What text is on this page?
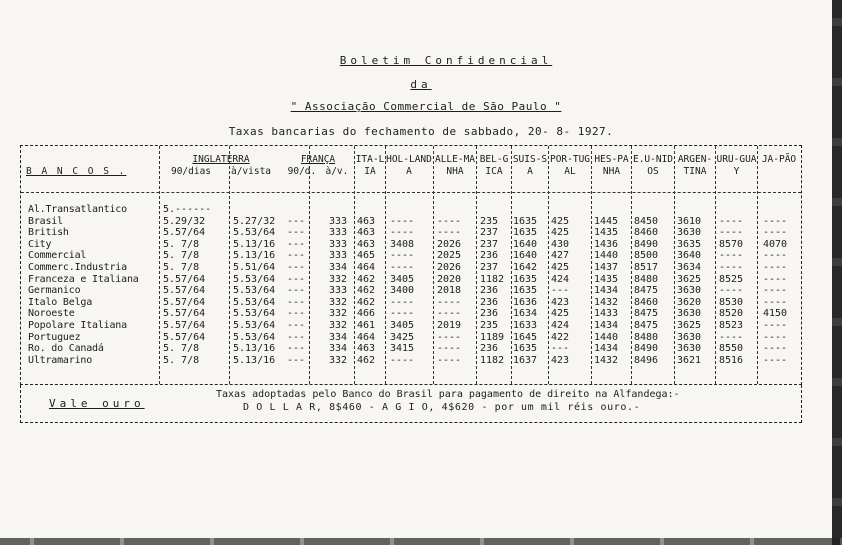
Boletim Confidencial
da
" Associação Commercial de São Paulo "
Taxas bancarias do fechamento de sabbado, 20- 8- 1927.
B A N C O S .
INGLATERRA
90/dias à/vista
FRANÇA
90/d. à/v.
ITA-LIA
HOL-LANDA
ALLE-MANHA
BEL-GICA
SUIS-SA
POR-TUGAL
HES-PANHA
E.U-NIDOS
ARGEN-TINA
URU-GUAY
JA-PÃO
Al.Transatlantico	5.------
Brasil	5.29/32	5.27/32 --- 333 463 ---- ---- 235 1635 425 1445 8450 3610 ---- ----
British	5.57/64	5.53/64 --- 333 463 ---- ---- 237 1635 425 1435 8460 3630 ---- ----
City	5. 7/8	5.13/16 --- 333 463 3408 2026 237 1640 430 1436 8490 3635 8570 4070
Commercial	5. 7/8	5.13/16 --- 333 465 ---- 2025 236 1640 427 1440 8500 3640 ---- ----
Commerc.Industria	5. 7/8	5.51/64 --- 334 464 ---- 2026 237 1642 425 1437 8517 3634 ---- ----
Franceza e Italiana 5.57/64	5.53/64 --- 332 462 3405 2020 1182 1635 424 1435 8480 3625 8525 ----
Germanico	5.57/64	5.53/64 --- 333 462 3400 2018 236 1635 --- 1434 8475 3630 ---- ----
Italo Belga	5.57/64	5.53/64 --- 332 462 ---- ---- 236 1636 423 1432 8460 3620 8530 ----
Noroeste	5.57/64	5.53/64 --- 332 466 ---- ---- 236 1634 425 1433 8475 3630 8520 4150
Popolare Italiana	5.57/64	5.53/64 --- 332 461 3405 2019 235 1633 424 1434 8475 3625 8523 ----
Portuguez	5.57/64	5.53/64 --- 334 464 3425 ---- 1189 1645 422 1440 8480 3630 ---- ----
Ro. do Canadá	5. 7/8	5.13/16 --- 334 463 3415 ---- 236 1635 --- 1434 8490 3630 8550 ----
Ultramarino	5. 7/8	5.13/16 --- 332 462 ---- ---- 1182 1637 423 1432 8496 3621 8516 ----
Vale ouro
Taxas adoptadas pelo Banco do Brasil para pagamento de direito na Alfandega:-
D O L L A R, 8$460 - A G I O, 4$620 - por um mil réis ouro.-
